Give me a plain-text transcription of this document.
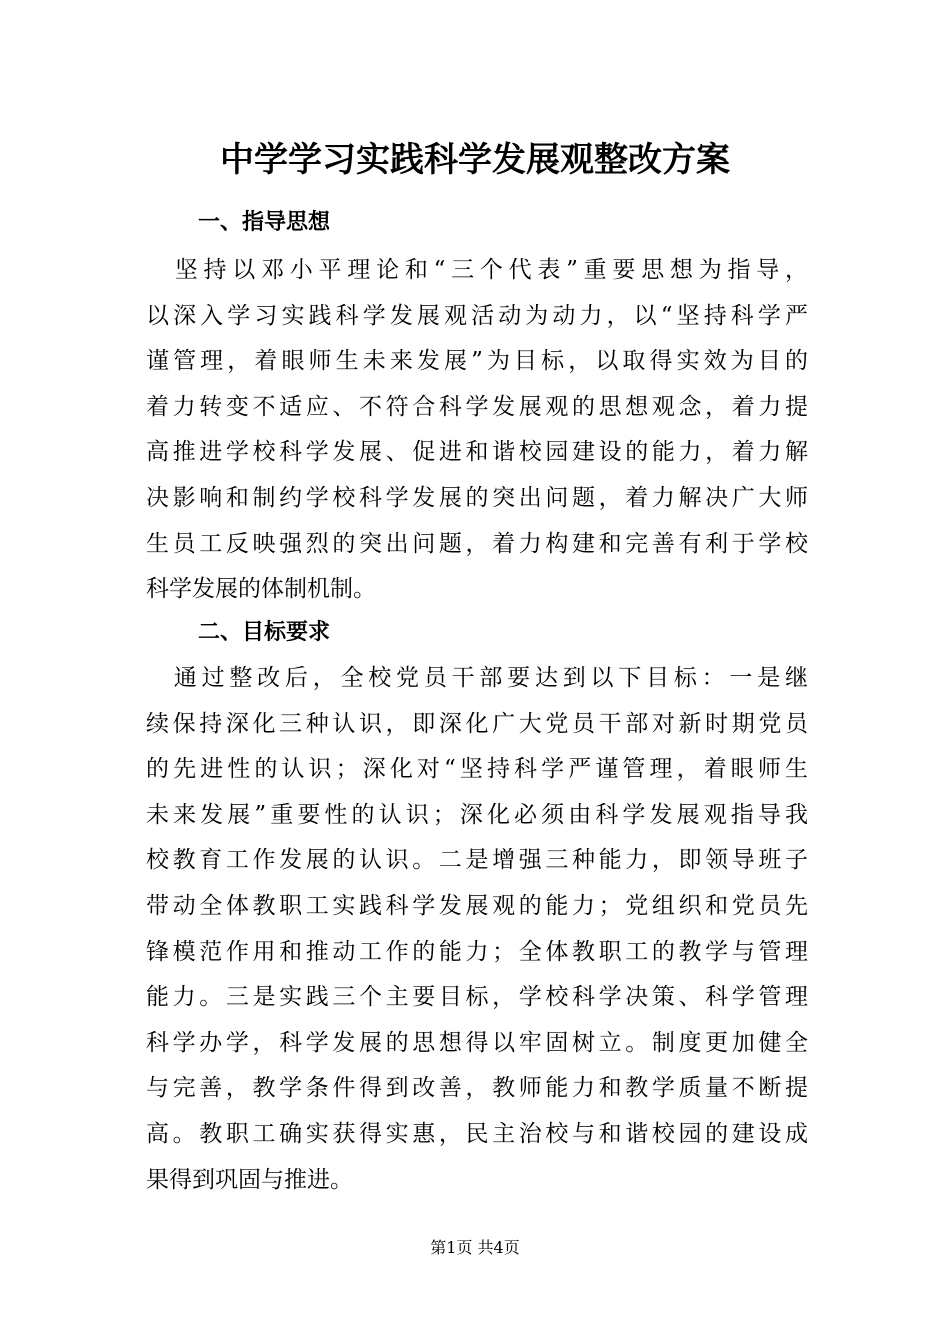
中学学习实践科学发展观整改方案
一、指导思想
　坚持以邓小平理论和“三个代表”重要思想为指导，
以深入学习实践科学发展观活动为动力，以“坚持科学严
谨管理，着眼师生未来发展”为目标，以取得实效为目的
着力转变不适应、不符合科学发展观的思想观念，着力提
高推进学校科学发展、促进和谐校园建设的能力，着力解
决影响和制约学校科学发展的突出问题，着力解决广大师
生员工反映强烈的突出问题，着力构建和完善有利于学校
科学发展的体制机制。
二、目标要求
　通过整改后，全校党员干部要达到以下目标：一是继
续保持深化三种认识，即深化广大党员干部对新时期党员
的先进性的认识；深化对“坚持科学严谨管理，着眼师生
未来发展”重要性的认识；深化必须由科学发展观指导我
校教育工作发展的认识。二是增强三种能力，即领导班子
带动全体教职工实践科学发展观的能力；党组织和党员先
锋模范作用和推动工作的能力；全体教职工的教学与管理
能力。三是实践三个主要目标，学校科学决策、科学管理
科学办学，科学发展的思想得以牢固树立。制度更加健全
与完善，教学条件得到改善，教师能力和教学质量不断提
高。教职工确实获得实惠，民主治校与和谐校园的建设成
果得到巩固与推进。
第1页 共4页
